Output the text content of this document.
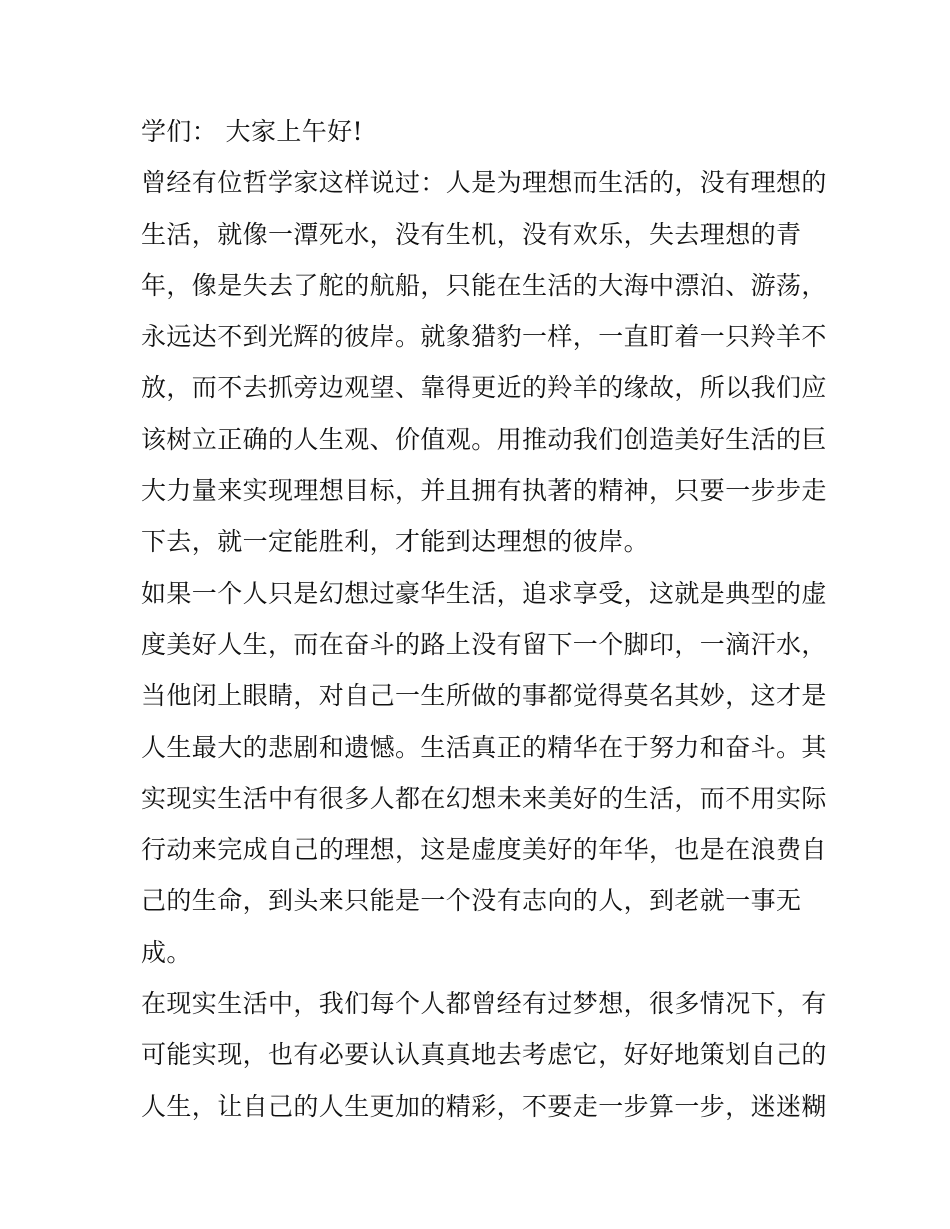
学们： 大家上午好!
曾经有位哲学家这样说过：人是为理想而生活的，没有理想的
生活，就像一潭死水，没有生机，没有欢乐，失去理想的青
年，像是失去了舵的航船，只能在生活的大海中漂泊、游荡，
永远达不到光辉的彼岸。就象猎豹一样，一直盯着一只羚羊不
放，而不去抓旁边观望、靠得更近的羚羊的缘故，所以我们应
该树立正确的人生观、价值观。用推动我们创造美好生活的巨
大力量来实现理想目标，并且拥有执著的精神，只要一步步走
下去，就一定能胜利，才能到达理想的彼岸。
如果一个人只是幻想过豪华生活，追求享受，这就是典型的虚
度美好人生，而在奋斗的路上没有留下一个脚印，一滴汗水，
当他闭上眼睛，对自己一生所做的事都觉得莫名其妙，这才是
人生最大的悲剧和遗憾。生活真正的精华在于努力和奋斗。其
实现实生活中有很多人都在幻想未来美好的生活，而不用实际
行动来完成自己的理想，这是虚度美好的年华，也是在浪费自
己的生命，到头来只能是一个没有志向的人，到老就一事无
成。
在现实生活中，我们每个人都曾经有过梦想，很多情况下，有
可能实现，也有必要认认真真地去考虑它，好好地策划自己的
人生，让自己的人生更加的精彩，不要走一步算一步，迷迷糊
